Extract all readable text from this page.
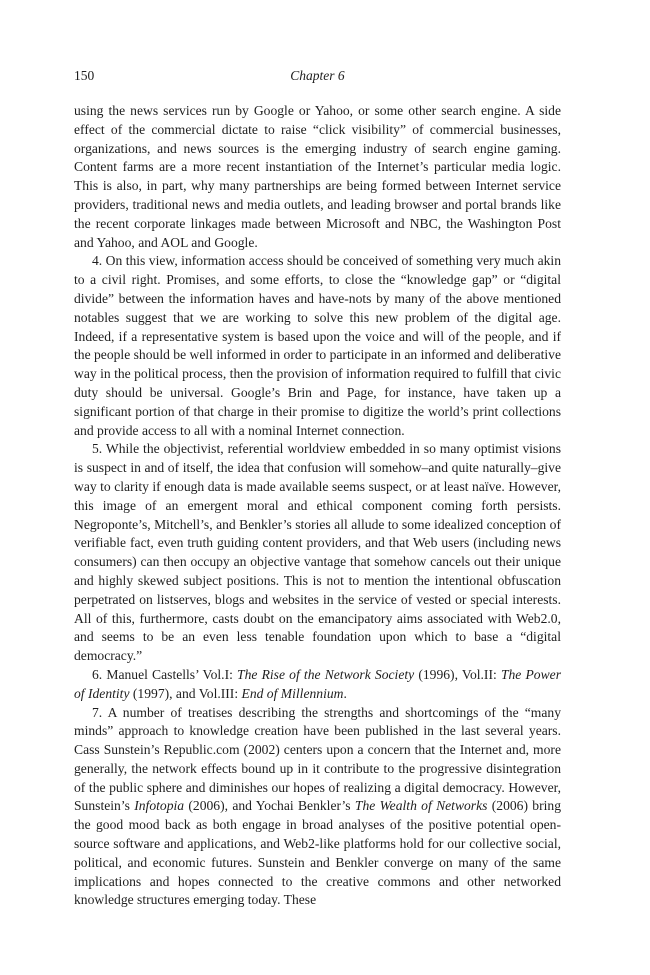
150	Chapter 6

using the news services run by Google or Yahoo, or some other search engine. A side effect of the commercial dictate to raise “click visibility” of commercial businesses, organizations, and news sources is the emerging industry of search engine gaming. Content farms are a more recent instantiation of the Internet’s particular media logic. This is also, in part, why many partnerships are being formed between Internet service providers, traditional news and media outlets, and leading browser and portal brands like the recent corporate linkages made between Microsoft and NBC, the Washington Post and Yahoo, and AOL and Google.

4. On this view, information access should be conceived of something very much akin to a civil right. Promises, and some efforts, to close the “knowledge gap” or “digital divide” between the information haves and have-nots by many of the above mentioned notables suggest that we are working to solve this new problem of the digital age. Indeed, if a representative system is based upon the voice and will of the people, and if the people should be well informed in order to participate in an informed and deliberative way in the political process, then the provision of information required to fulfill that civic duty should be universal. Google’s Brin and Page, for instance, have taken up a significant portion of that charge in their promise to digitize the world’s print collections and provide access to all with a nominal Internet connection.

5. While the objectivist, referential worldview embedded in so many optimist visions is suspect in and of itself, the idea that confusion will somehow–and quite naturally–give way to clarity if enough data is made available seems suspect, or at least naïve. However, this image of an emergent moral and ethical component coming forth persists. Negroponte’s, Mitchell’s, and Benkler’s stories all allude to some idealized conception of verifiable fact, even truth guiding content providers, and that Web users (including news consumers) can then occupy an objective vantage that somehow cancels out their unique and highly skewed subject positions. This is not to mention the intentional obfuscation perpetrated on listserves, blogs and websites in the service of vested or special interests. All of this, furthermore, casts doubt on the emancipatory aims associated with Web2.0, and seems to be an even less tenable foundation upon which to base a “digital democracy.”

6. Manuel Castells’ Vol.I: The Rise of the Network Society (1996), Vol.II: The Power of Identity (1997), and Vol.III: End of Millennium.

7. A number of treatises describing the strengths and shortcomings of the “many minds” approach to knowledge creation have been published in the last several years. Cass Sunstein’s Republic.com (2002) centers upon a concern that the Internet and, more generally, the network effects bound up in it contribute to the progressive disintegration of the public sphere and diminishes our hopes of realizing a digital democracy. However, Sunstein’s Infotopia (2006), and Yochai Benkler’s The Wealth of Networks (2006) bring the good mood back as both engage in broad analyses of the positive potential open-source software and applications, and Web2-like platforms hold for our collective social, political, and economic futures. Sunstein and Benkler converge on many of the same implications and hopes connected to the creative commons and other networked knowledge structures emerging today. These
